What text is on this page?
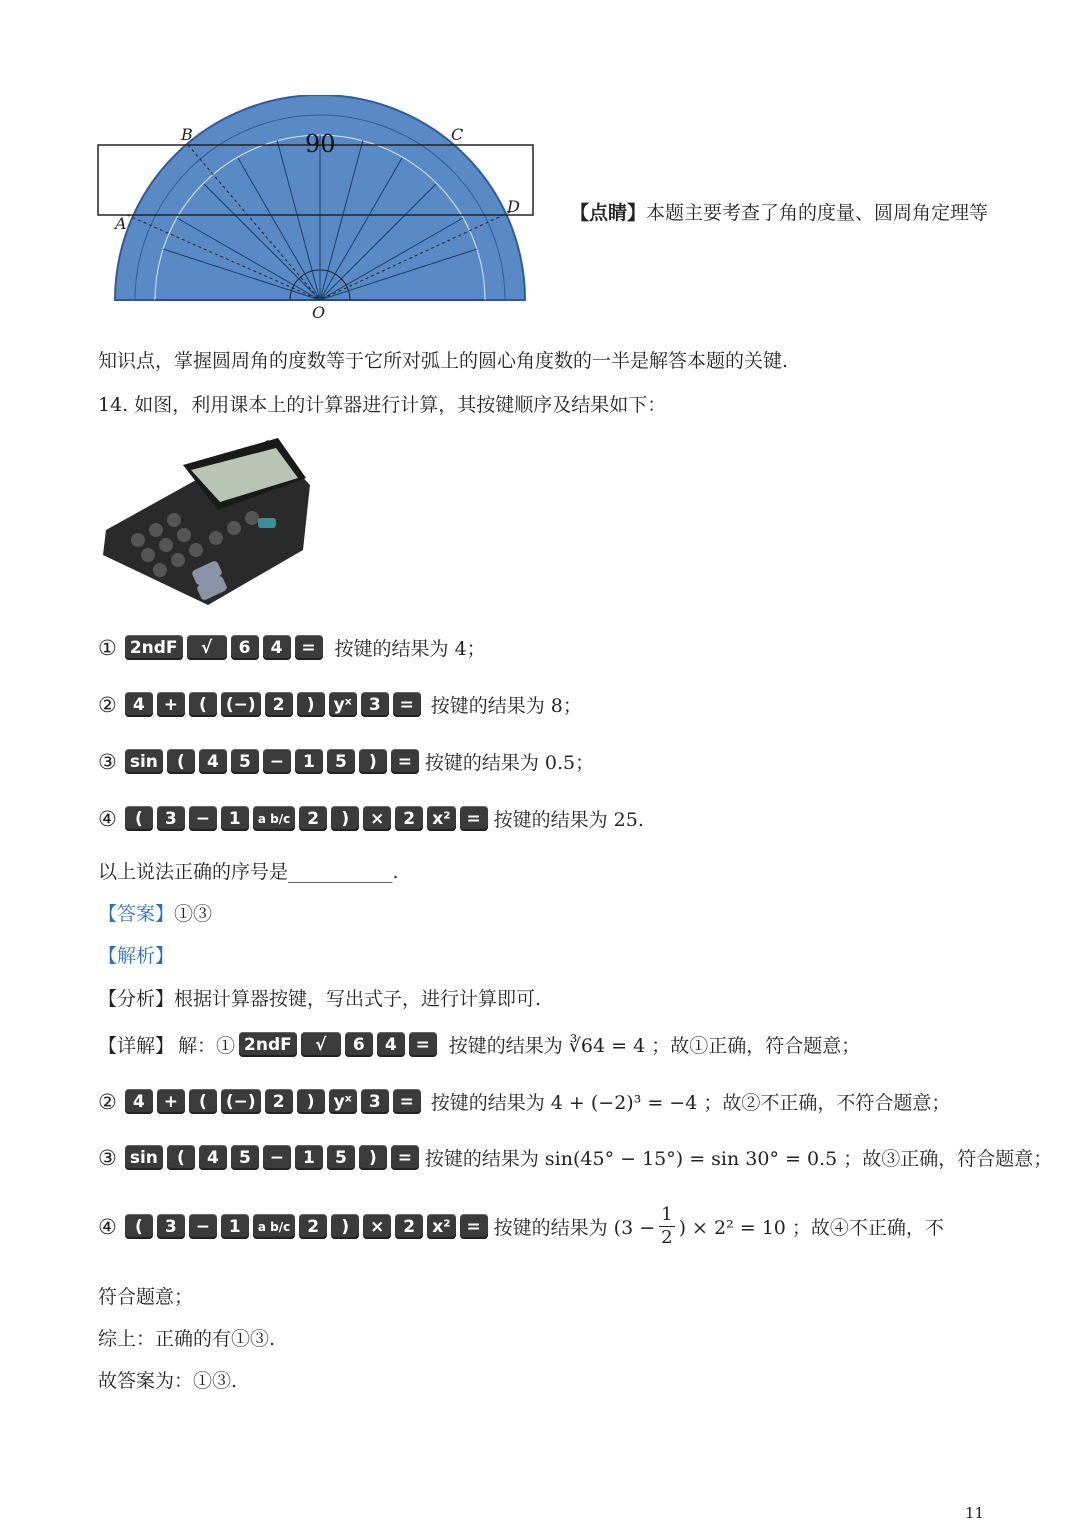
90
A
B	C
D
O
【点睛】本题主要考查了角的度量、圆周角定理等
知识点，掌握圆周角的度数等于它所对弧上的圆心角度数的一半是解答本题的关键.
14. 如图，利用课本上的计算器进行计算，其按键顺序及结果如下：
① 2ndF	√	6	4	= 按键的结果为 4；
② 4	+	(	(−)	2	)	yˣ	3	= 按键的结果为 8；
③ sin	(	4	5	−	1	5	)	= 按键的结果为 0.5；
④	(	3	−	1	a b/c	2	)	×	2	x² = 按键的结果为 25.
以上说法正确的序号是___________.
【答案】①③
【解析】
【分析】根据计算器按键，写出式子，进行计算即可.
【详解】 解：① 2ndF	√	6	4	= 按键的结果为 ∛64 = 4 ；故①正确，符合题意；
② 4	+	(	(−)	2	)	yˣ	3	= 按键的结果为 4 + (−2)³ = −4 ；故②不正确，不符合题意；
③ sin	(	4	5	−	1	5	)	= 按键的结果为 sin(45° − 15°) = sin 30° = 0.5 ；故③正确，符合题意；
④	(	3	−	1	a b/c	2	)	×	2	x² = 按键的结果为 ($3 - \frac{1}{2}$ ) × 2² = 10 ；故④不正确，不
符合题意；
综上：正确的有①③.
故答案为：①③.
11
